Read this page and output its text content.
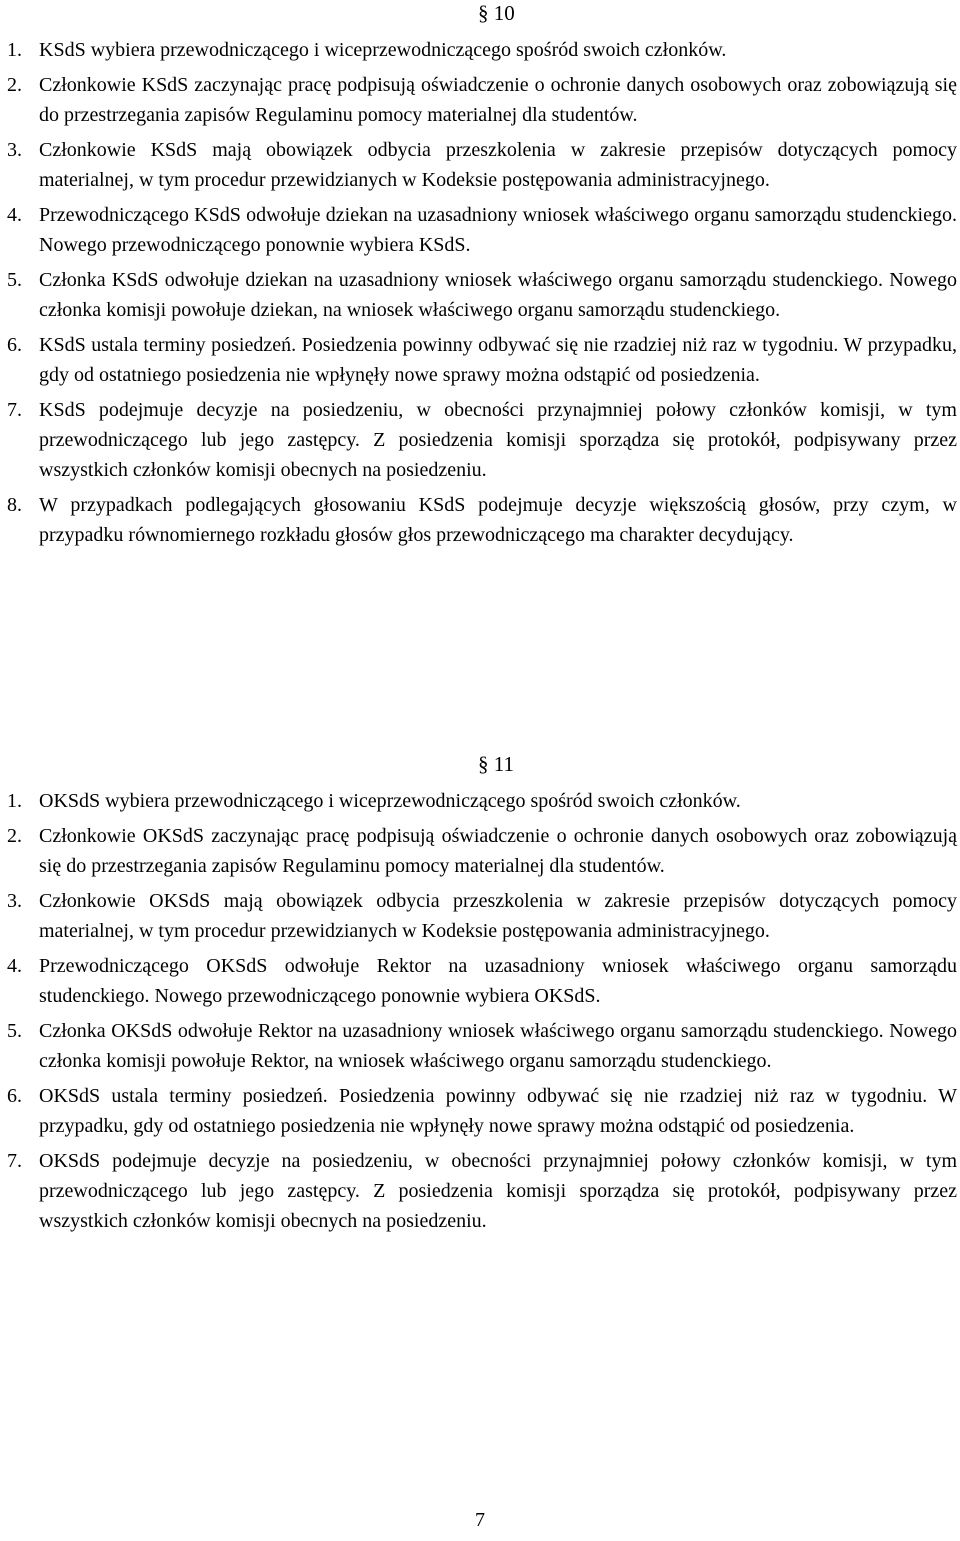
§ 10
1. KSdS wybiera przewodniczącego i wiceprzewodniczącego spośród swoich członków.
2. Członkowie KSdS zaczynając pracę podpisują oświadczenie o ochronie danych osobowych oraz zobowiązują się do przestrzegania zapisów Regulaminu pomocy materialnej dla studentów.
3. Członkowie KSdS mają obowiązek odbycia przeszkolenia w zakresie przepisów dotyczących pomocy materialnej, w tym procedur przewidzianych w Kodeksie postępowania administracyjnego.
4. Przewodniczącego KSdS odwołuje dziekan na uzasadniony wniosek właściwego organu samorządu studenckiego. Nowego przewodniczącego ponownie wybiera KSdS.
5. Członka KSdS odwołuje dziekan na uzasadniony wniosek właściwego organu samorządu studenckiego. Nowego członka komisji powołuje dziekan, na wniosek właściwego organu samorządu studenckiego.
6. KSdS ustala terminy posiedzeń. Posiedzenia powinny odbywać się nie rzadziej niż raz w tygodniu. W przypadku, gdy od ostatniego posiedzenia nie wpłynęły nowe sprawy można odstąpić od posiedzenia.
7. KSdS podejmuje decyzje na posiedzeniu, w obecności przynajmniej połowy członków komisji, w tym przewodniczącego lub jego zastępcy. Z posiedzenia komisji sporządza się protokół, podpisywany przez wszystkich członków komisji obecnych na posiedzeniu.
8. W przypadkach podlegających głosowaniu KSdS podejmuje decyzje większością głosów, przy czym, w przypadku równomiernego rozkładu głosów głos przewodniczącego ma charakter decydujący.
§ 11
1. OKSdS wybiera przewodniczącego i wiceprzewodniczącego spośród swoich członków.
2. Członkowie OKSdS zaczynając pracę podpisują oświadczenie o ochronie danych osobowych oraz zobowiązują się do przestrzegania zapisów Regulaminu pomocy materialnej dla studentów.
3. Członkowie OKSdS mają obowiązek odbycia przeszkolenia w zakresie przepisów dotyczących pomocy materialnej, w tym procedur przewidzianych w Kodeksie postępowania administracyjnego.
4. Przewodniczącego OKSdS odwołuje Rektor na uzasadniony wniosek właściwego organu samorządu studenckiego. Nowego przewodniczącego ponownie wybiera OKSdS.
5. Członka OKSdS odwołuje Rektor na uzasadniony wniosek właściwego organu samorządu studenckiego. Nowego członka komisji powołuje Rektor, na wniosek właściwego organu samorządu studenckiego.
6. OKSdS ustala terminy posiedzeń. Posiedzenia powinny odbywać się nie rzadziej niż raz w tygodniu. W przypadku, gdy od ostatniego posiedzenia nie wpłynęły nowe sprawy można odstąpić od posiedzenia.
7. OKSdS podejmuje decyzje na posiedzeniu, w obecności przynajmniej połowy członków komisji, w tym przewodniczącego lub jego zastępcy. Z posiedzenia komisji sporządza się protokół, podpisywany przez wszystkich członków komisji obecnych na posiedzeniu.
7
